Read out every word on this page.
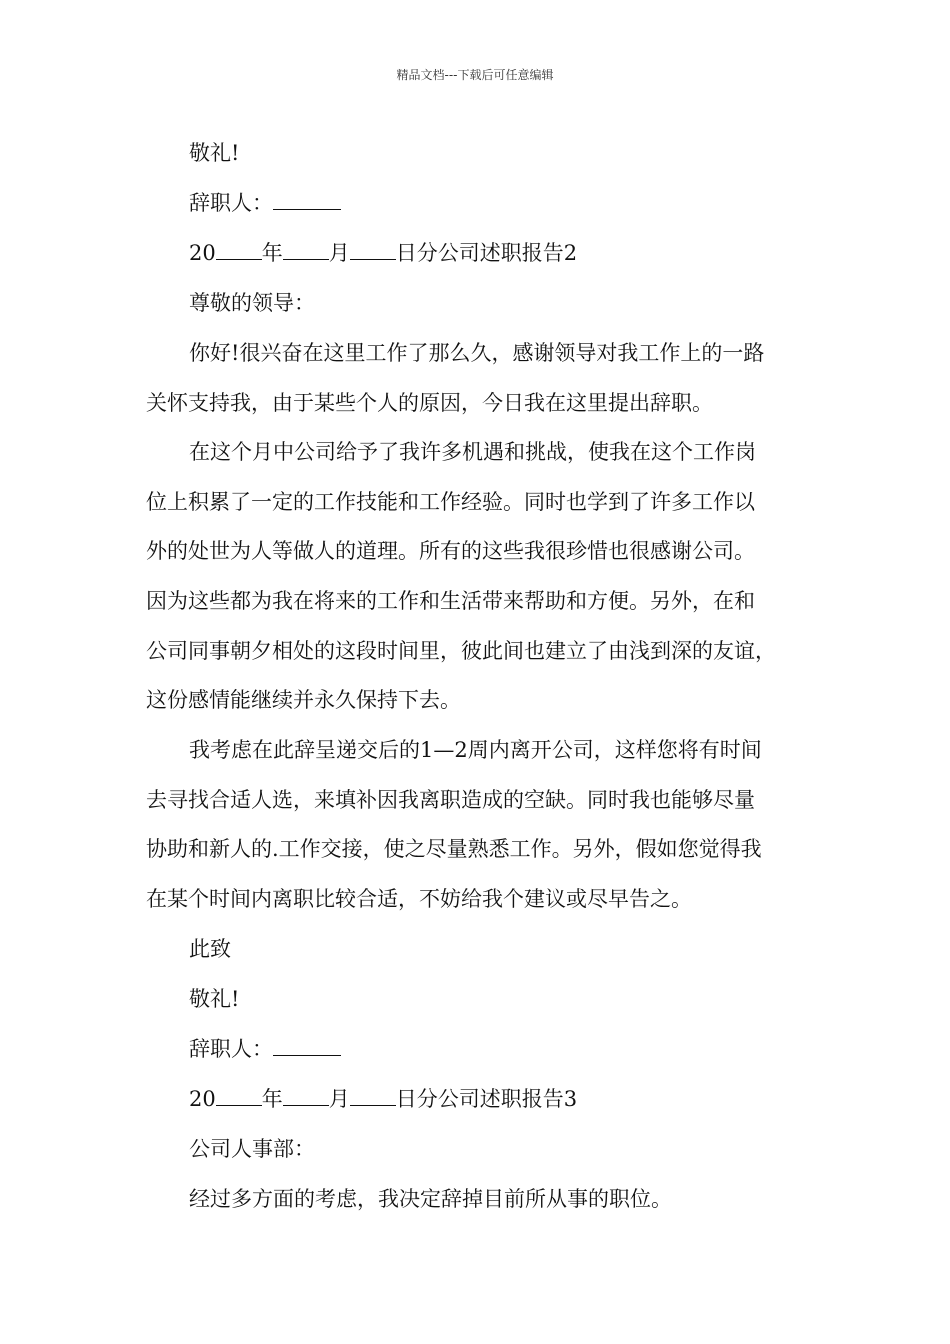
精品文档---下载后可任意编辑
敬礼!
辞职人：
20 年 月 日分公司述职报告2
尊敬的领导：
你好!很兴奋在这里工作了那么久，感谢领导对我工作上的一路
关怀支持我，由于某些个人的原因，今日我在这里提出辞职。
在这个月中公司给予了我许多机遇和挑战，使我在这个工作岗
位上积累了一定的工作技能和工作经验。同时也学到了许多工作以
外的处世为人等做人的道理。所有的这些我很珍惜也很感谢公司。
因为这些都为我在将来的工作和生活带来帮助和方便。另外，在和
公司同事朝夕相处的这段时间里，彼此间也建立了由浅到深的友谊，
这份感情能继续并永久保持下去。
我考虑在此辞呈递交后的1—2周内离开公司，这样您将有时间
去寻找合适人选，来填补因我离职造成的空缺。同时我也能够尽量
协助和新人的.工作交接，使之尽量熟悉工作。另外，假如您觉得我
在某个时间内离职比较合适，不妨给我个建议或尽早告之。
此致
敬礼!
辞职人：
20 年 月 日分公司述职报告3
公司人事部：
经过多方面的考虑，我决定辞掉目前所从事的职位。
